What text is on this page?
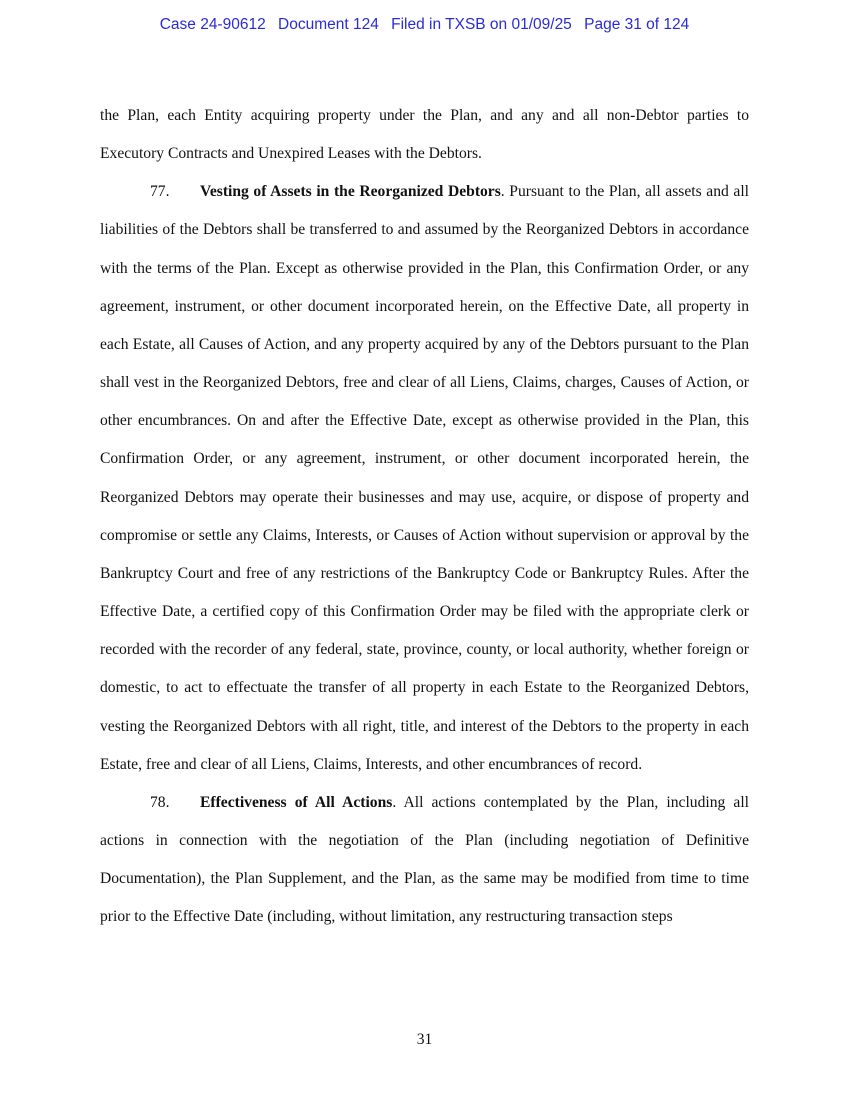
Case 24-90612 Document 124 Filed in TXSB on 01/09/25 Page 31 of 124

the Plan, each Entity acquiring property under the Plan, and any and all non-Debtor parties to Executory Contracts and Unexpired Leases with the Debtors.

77. Vesting of Assets in the Reorganized Debtors. Pursuant to the Plan, all assets and all liabilities of the Debtors shall be transferred to and assumed by the Reorganized Debtors in accordance with the terms of the Plan. Except as otherwise provided in the Plan, this Confirmation Order, or any agreement, instrument, or other document incorporated herein, on the Effective Date, all property in each Estate, all Causes of Action, and any property acquired by any of the Debtors pursuant to the Plan shall vest in the Reorganized Debtors, free and clear of all Liens, Claims, charges, Causes of Action, or other encumbrances. On and after the Effective Date, except as otherwise provided in the Plan, this Confirmation Order, or any agreement, instrument, or other document incorporated herein, the Reorganized Debtors may operate their businesses and may use, acquire, or dispose of property and compromise or settle any Claims, Interests, or Causes of Action without supervision or approval by the Bankruptcy Court and free of any restrictions of the Bankruptcy Code or Bankruptcy Rules. After the Effective Date, a certified copy of this Confirmation Order may be filed with the appropriate clerk or recorded with the recorder of any federal, state, province, county, or local authority, whether foreign or domestic, to act to effectuate the transfer of all property in each Estate to the Reorganized Debtors, vesting the Reorganized Debtors with all right, title, and interest of the Debtors to the property in each Estate, free and clear of all Liens, Claims, Interests, and other encumbrances of record.

78. Effectiveness of All Actions. All actions contemplated by the Plan, including all actions in connection with the negotiation of the Plan (including negotiation of Definitive Documentation), the Plan Supplement, and the Plan, as the same may be modified from time to time prior to the Effective Date (including, without limitation, any restructuring transaction steps

31
